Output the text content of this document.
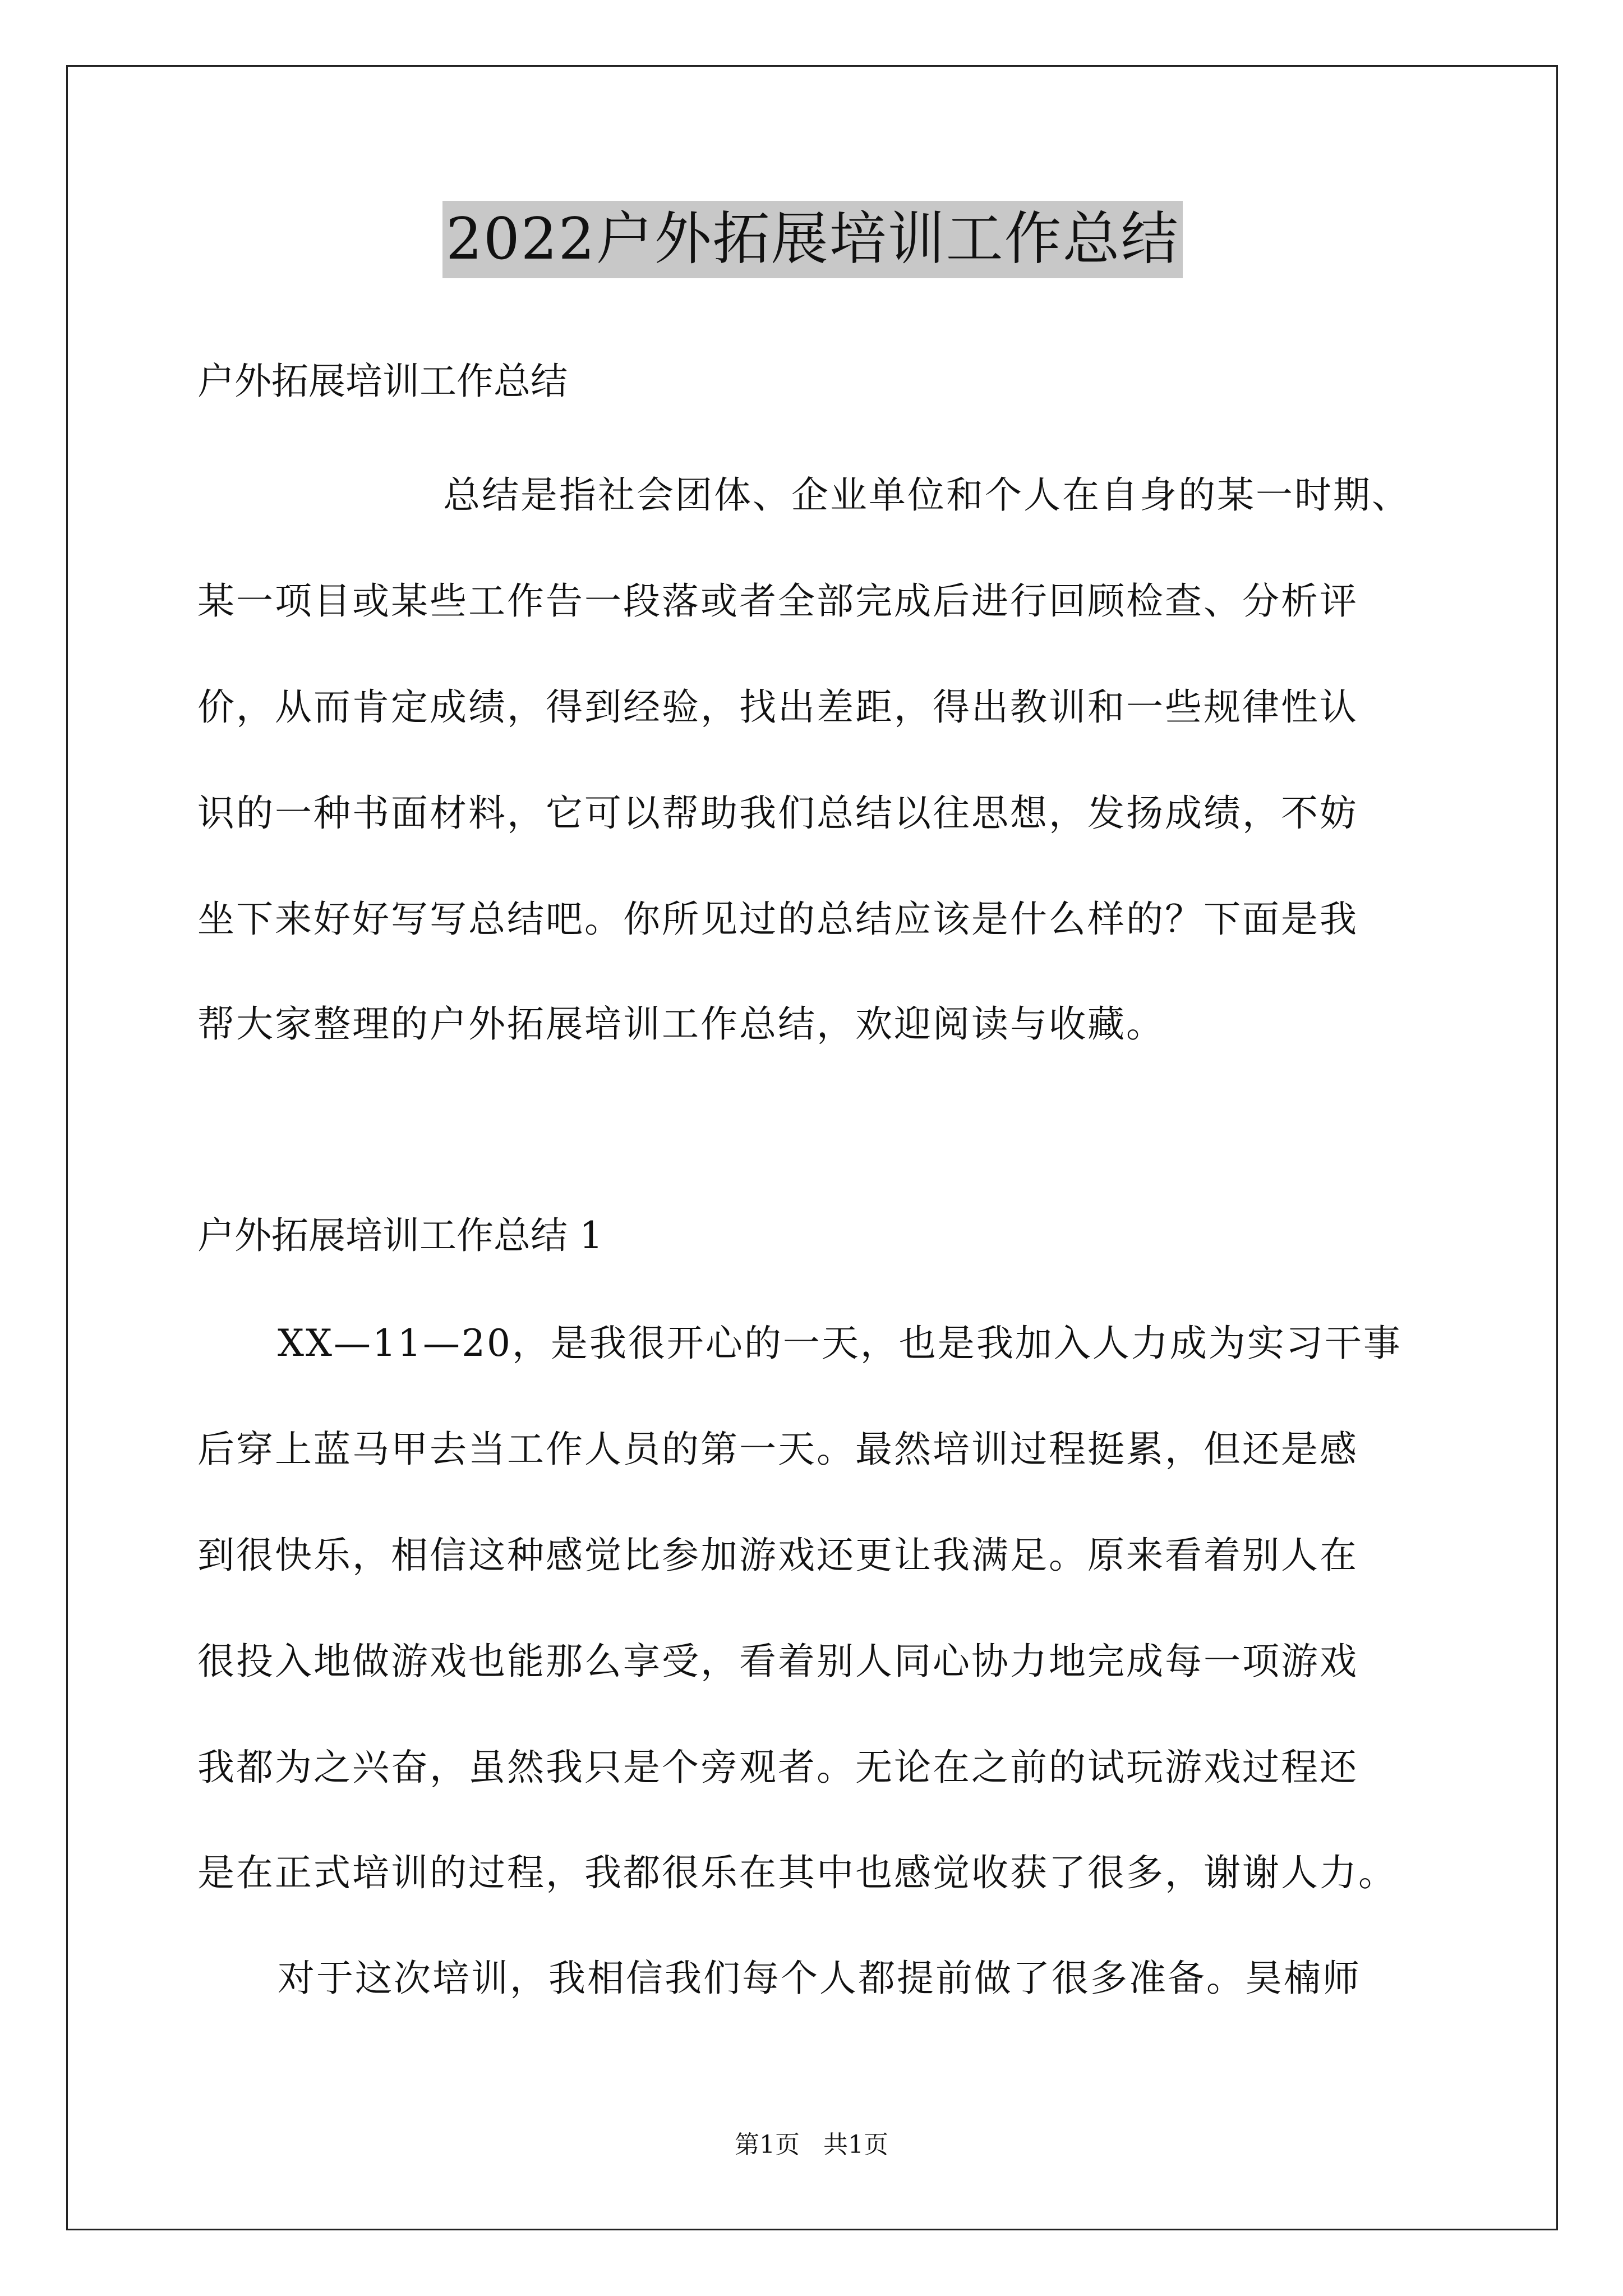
2022户外拓展培训工作总结
户外拓展培训工作总结
总结是指社会团体、企业单位和个人在自身的某一时期、
某一项目或某些工作告一段落或者全部完成后进行回顾检查、分析评
价，从而肯定成绩，得到经验，找出差距，得出教训和一些规律性认
识的一种书面材料，它可以帮助我们总结以往思想，发扬成绩，不妨
坐下来好好写写总结吧。你所见过的总结应该是什么样的？下面是我
帮大家整理的户外拓展培训工作总结，欢迎阅读与收藏。
户外拓展培训工作总结 1
XX—11—20，是我很开心的一天，也是我加入人力成为实习干事
后穿上蓝马甲去当工作人员的第一天。最然培训过程挺累，但还是感
到很快乐，相信这种感觉比参加游戏还更让我满足。原来看着别人在
很投入地做游戏也能那么享受，看着别人同心协力地完成每一项游戏
我都为之兴奋，虽然我只是个旁观者。无论在之前的试玩游戏过程还
是在正式培训的过程，我都很乐在其中也感觉收获了很多，谢谢人力。
对于这次培训，我相信我们每个人都提前做了很多准备。昊楠师
第1页   共1页
